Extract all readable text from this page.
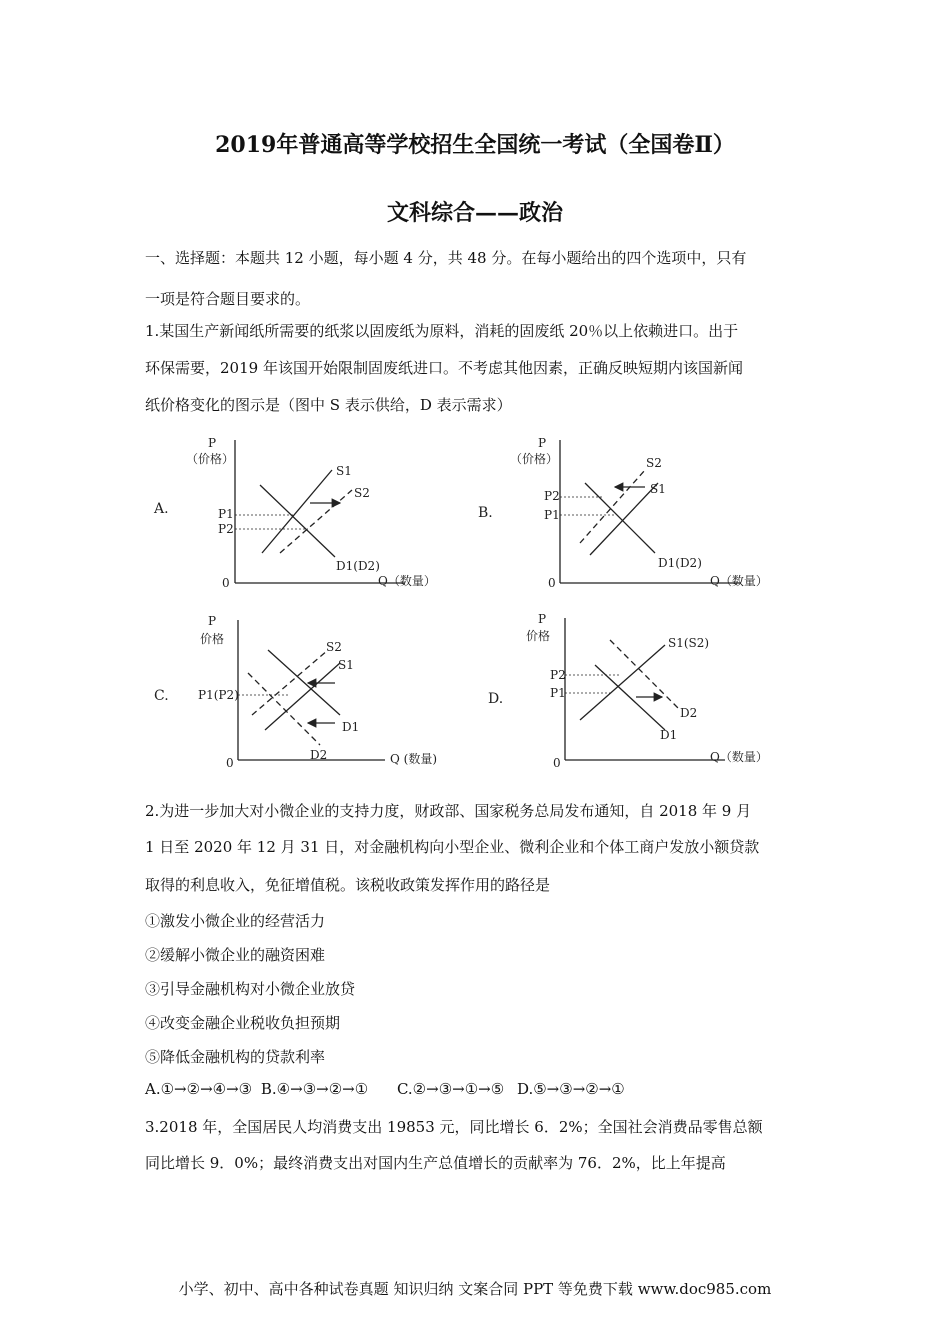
2019年普通高等学校招生全国统一考试（全国卷Ⅱ）
文科综合——政治
一、选择题：本题共 12 小题，每小题 4 分，共 48 分。在每小题给出的四个选项中，只有
一项是符合题目要求的。
1.某国生产新闻纸所需要的纸浆以固废纸为原料，消耗的固废纸 20％以上依赖进口。出于
环保需要，2019 年该国开始限制固废纸进口。不考虑其他因素，正确反映短期内该国新闻
纸价格变化的图示是（图中 S 表示供给，D 表示需求）
A.
P
（价格）
0	Q（数量）
P1
P2
S1
S2
D1(D2)
B.
P
（价格）
0	Q（数量）
P2
P1
S2
S1
D1(D2)
C.
P
价格
0	Q (数量)
P1(P2)
S2
S1
D1
D2
D.
P
价格
0	Q（数量）
P2
P1
S1(S2)
D2
D1
2.为进一步加大对小微企业的支持力度，财政部、国家税务总局发布通知，自 2018 年 9 月
1 日至 2020 年 12 月 31 日，对金融机构向小型企业、微利企业和个体工商户发放小额贷款
取得的利息收入，免征增值税。该税收政策发挥作用的路径是
①激发小微企业的经营活力
②缓解小微企业的融资困难
③引导金融机构对小微企业放贷
④改变金融企业税收负担预期
⑤降低金融机构的贷款利率
A.①→②→④→③ B.④→③→②→① C.②→③→①→⑤ D.⑤→③→②→①
3.2018 年，全国居民人均消费支出 19853 元，同比增长 6．2%；全国社会消费品零售总额
同比增长 9．0%；最终消费支出对国内生产总值增长的贡献率为 76．2%，比上年提高
小学、初中、高中各种试卷真题 知识归纳 文案合同 PPT 等免费下载 www.doc985.com
